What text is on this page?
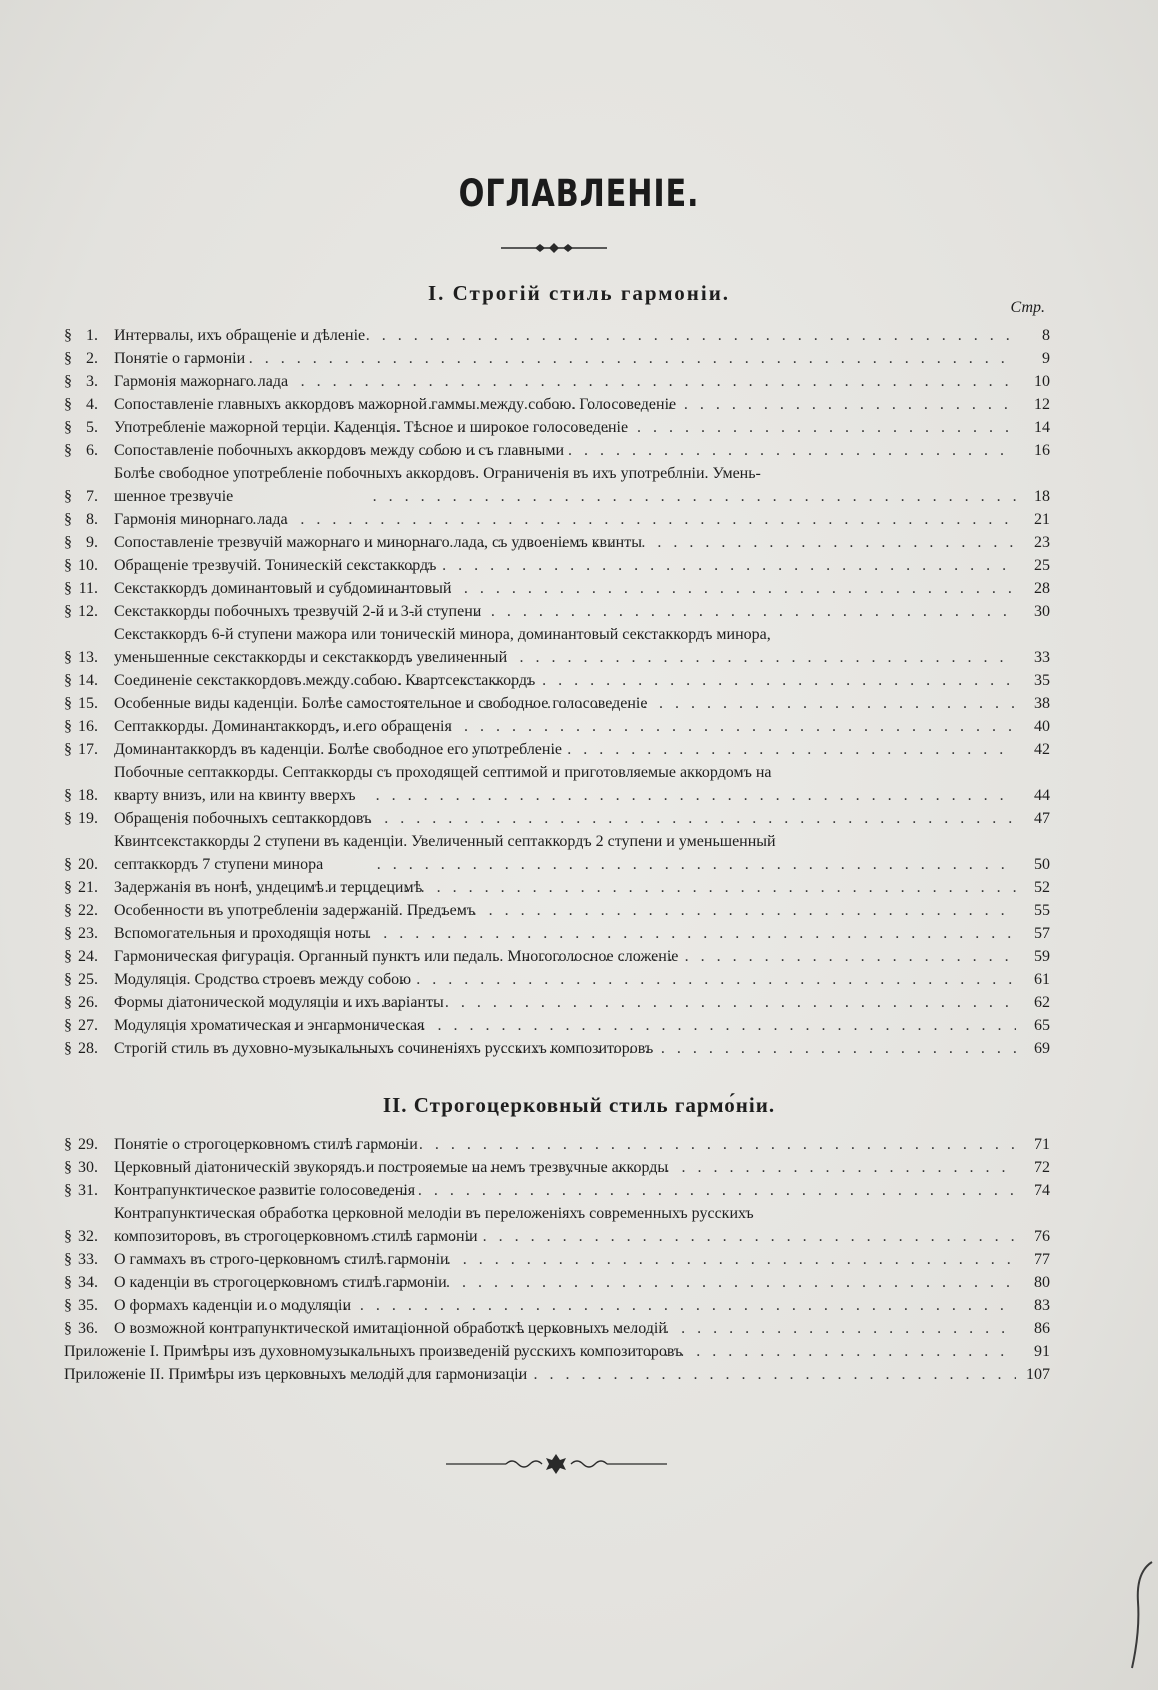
ОГЛАВЛЕНІЕ.
I. Строгій стиль гармоніи.
Стр.
§ 1.	Интервалы, ихъ обращеніе и дѣленіе . . .	8
§ 2.	Понятіе о гармоніи . . .	9
§ 3.	Гармонія мажорнаго лада . . .	10
§ 4.	Сопоставленіе главныхъ аккордовъ мажорной гаммы между собою. Голосоведеніе . . .	12
§ 5.	Употребленіе мажорной терціи. Каденція. Тѣсное и широкое голосоведеніе . . .	14
§ 6.	Сопоставленіе побочныхъ аккордовъ между собою и съ главными . . .	16
§ 7.
Болѣе свободное употребленіе побочныхъ аккордовъ. Ограниченія въ ихъ употреблніи. Умень-
шенное трезвучіе . . .	18
§ 8.	Гармонія минорнаго лада . . .	21
§ 9.	Сопоставленіе трезвучій мажорнаго и минорнаго лада, съ удвоеніемъ квинты . . .	23
§ 10.	Обращеніе трезвучій. Тоническій секстаккордъ . . .	25
§ 11.	Секстаккордъ доминантовый и субдоминантовый . . .	28
§ 12.	Секстаккорды побочныхъ трезвучій 2-й и 3-й ступени . . .	30
§ 13.
Секстаккордъ 6-й ступени мажора или тоническій минора, доминантовый секстаккордъ минора,
уменьшенные секстаккорды и секстаккордъ увеличенный . . .	33
§ 14.	Соединеніе секстаккордовъ между собою. Квартсекстаккордъ . . .	35
§ 15.	Особенные виды каденціи. Болѣе самостоятельное и свободное голосоведеніе . . .	38
§ 16.	Септаккорды. Доминантаккордъ, и его обращенія . . .	40
§ 17.	Доминантаккордъ въ каденціи. Болѣе свободное его употребленіе . . .	42
§ 18.
Побочные септаккорды. Септаккорды съ проходящей септимой и приготовляемые аккордомъ на
кварту внизъ, или на квинту вверхъ . . .	44
§ 19.	Обращенія побочныхъ септаккордовъ . . .	47
§ 20.
Квинтсекстаккорды 2 ступени въ каденціи. Увеличенный септаккордъ 2 ступени и уменьшенный
септаккордъ 7 ступени минора . . .	50
§ 21.	Задержанія въ нонѣ, ундецимѣ и терцдецимѣ . . .	52
§ 22.	Особенности въ употребленіи задержаній. Предъемъ . . .	55
§ 23.	Вспомогательныя и проходящія ноты . . .	57
§ 24.	Гармоническая фигурація. Органный пунктъ или педаль. Многоголосное сложеніе . . .	59
§ 25.	Модуляція. Сродство строевъ между собою . . .	61
§ 26.	Формы діатонической модуляціи и ихъ варіанты . . .	62
§ 27.	Модуляція хроматическая и энгармоническая . . .	65
§ 28.	Строгій стиль въ духовно-музыкальныхъ сочиненіяхъ русскихъ композиторовъ . . .	69
II. Строгоцерковный стиль гармо́ніи.
§ 29.	Понятіе о строгоцерковномъ стилѣ гармоніи . . .	71
§ 30.	Церковный діатоническій звукорядъ и построяемые на немъ трезвучные аккорды . . .	72
§ 31.	Контрапунктическое развитіе голосоведенія . . .	74
§ 32.
Контрапунктическая обработка церковной мелодіи въ переложеніяхъ современныхъ русскихъ
композиторовъ, въ строгоцерковномъ стилѣ гармоніи . . .	76
§ 33.	О гаммахъ въ строго-церковномъ стилѣ гармоніи . . .	77
§ 34.	О каденціи въ строгоцерковномъ стилѣ гармоніи . . .	80
§ 35.	О формахъ каденціи и о модуляціи . . .	83
§ 36.	О возможной контрапунктической имитаціонной обработкѣ церковныхъ мелодій . . .	86
Приложеніе I. Примѣры изъ духовномузыкальныхъ произведеній русскихъ композиторовъ . . .	91
Приложеніе II. Примѣры изъ церковныхъ мелодій для гармонизаціи . . .	107
